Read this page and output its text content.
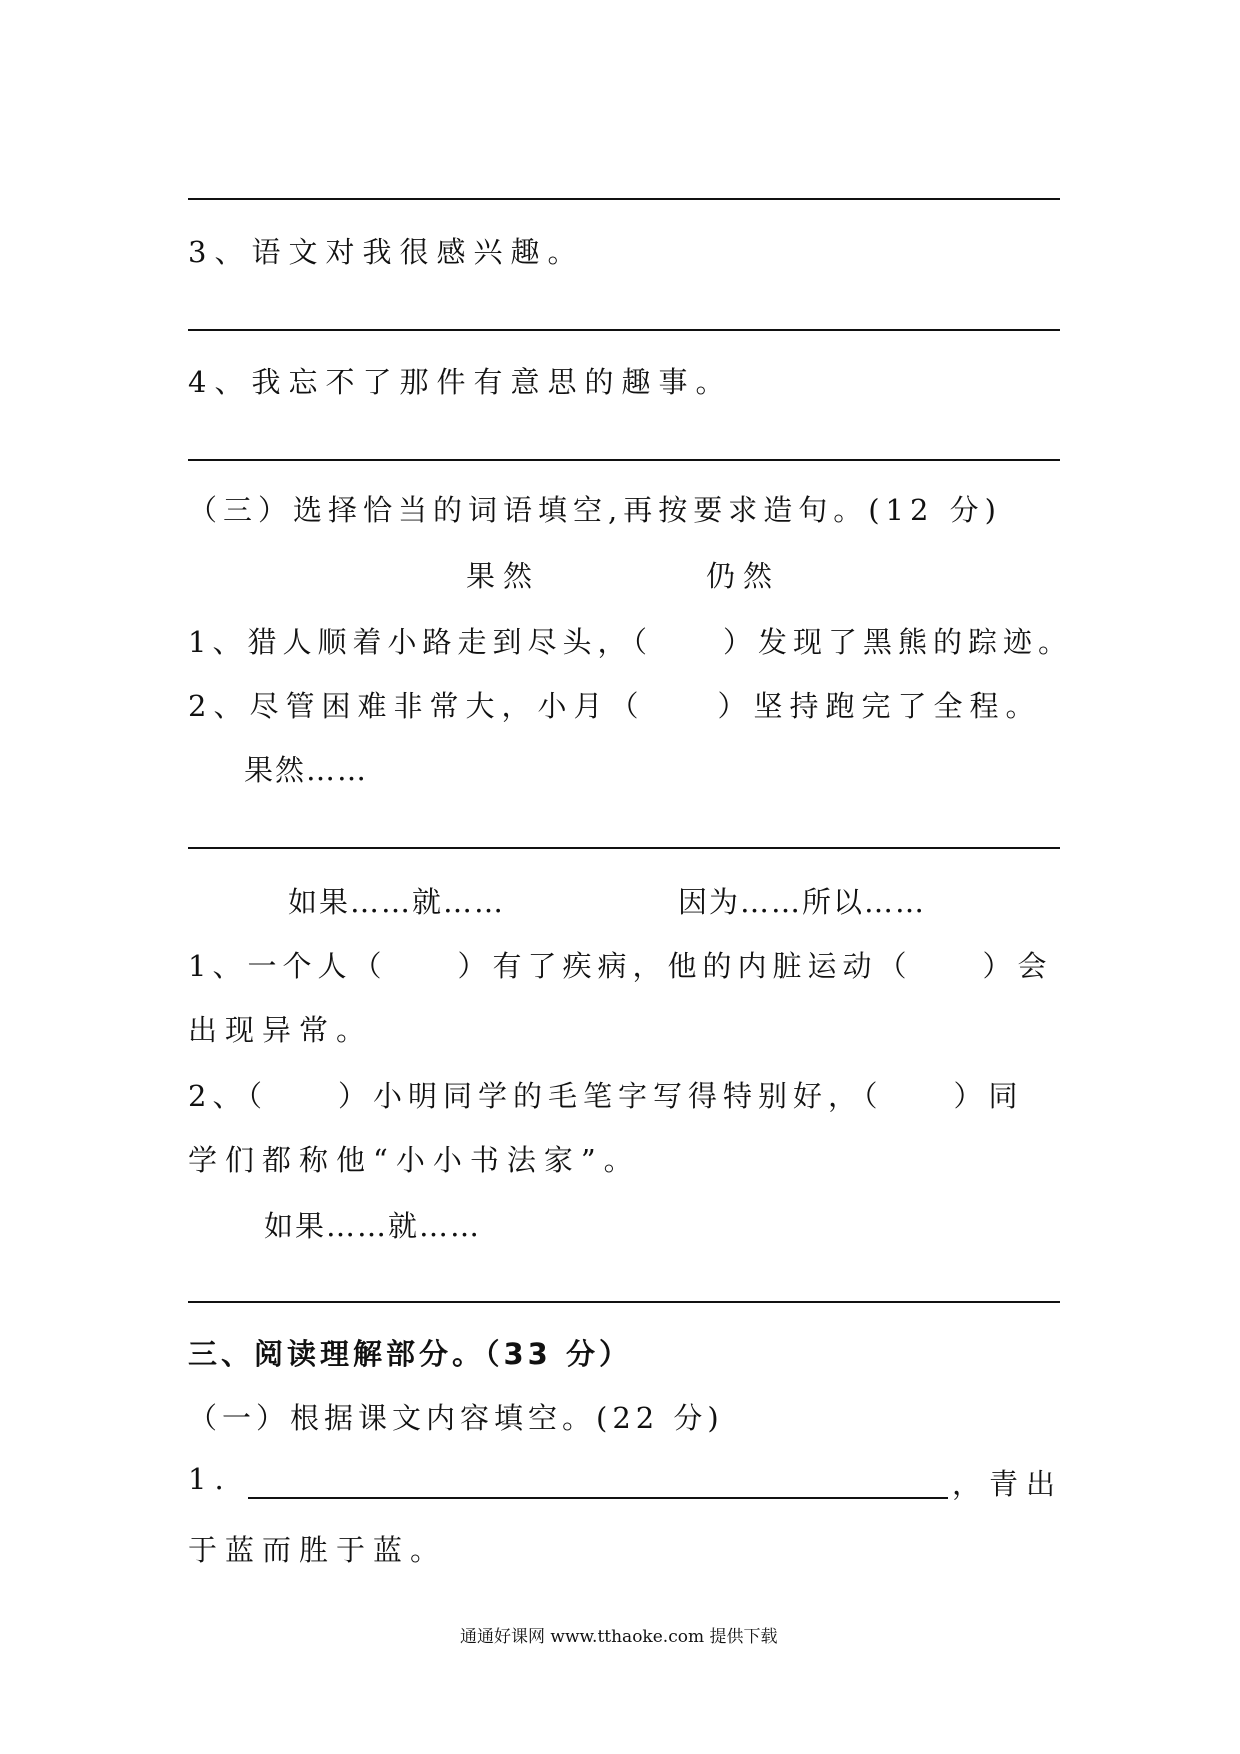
3、语文对我很感兴趣。
4、我忘不了那件有意思的趣事。
（三）选择恰当的词语填空,再按要求造句。(12 分)
果然	仍然
1、猎人顺着小路走到尽头，（　　）发现了黑熊的踪迹。
2、尽管困难非常大，小月（　　）坚持跑完了全程。
果然……
如果……就……	因为……所以……
1、一个人（　　）有了疾病，他的内脏运动（　　）会
出现异常。
2、（　　）小明同学的毛笔字写得特别好，（　　）同
学们都称他“小小书法家”。
如果……就……
三、阅读理解部分。（33 分）
（一）根据课文内容填空。(22 分)
1.	，青出
于蓝而胜于蓝。
通通好课网 www.tthaoke.com 提供下载
